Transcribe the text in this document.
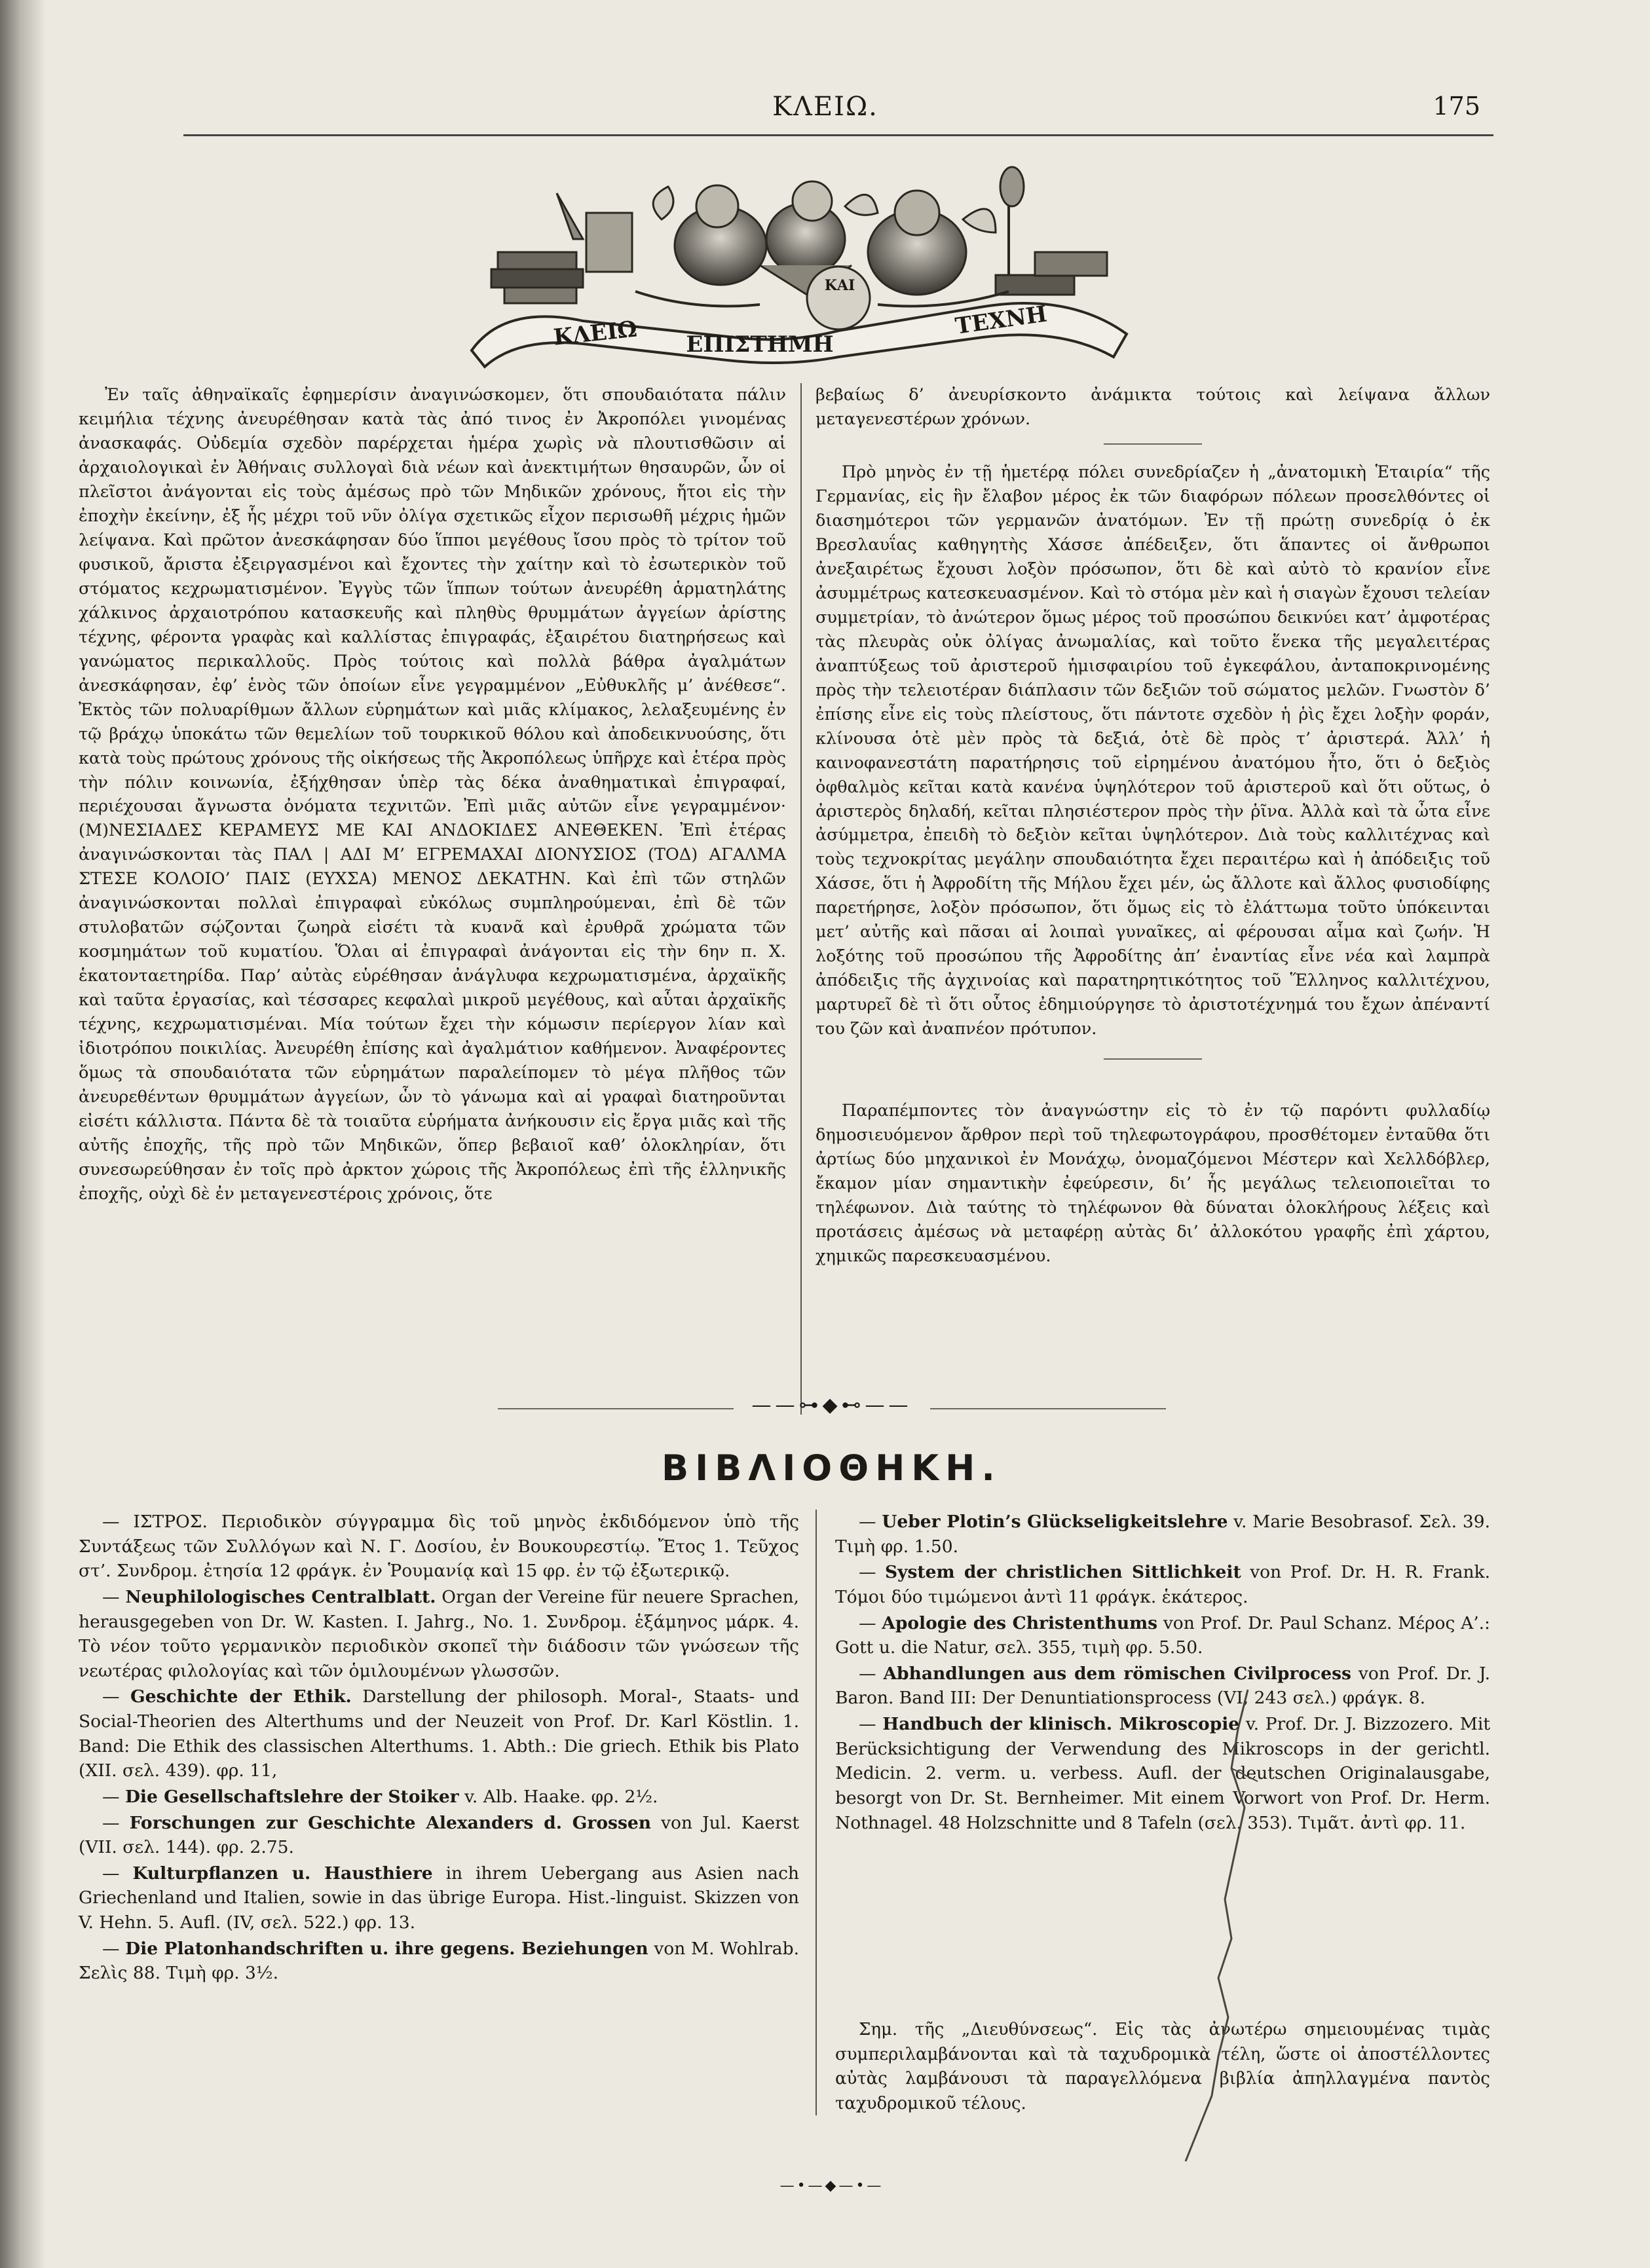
ΚΛΕΙΩ.	175
ΚΛΕΙΩ ΕΠΙΣΤΗΜΗ
ΚΑΙ
ΤΕΧΝΗ

Ἐν ταῖς ἀθηναϊκαῖς ἐφημερίσιν ἀναγινώσκομεν, ὅτι σπουδαιότατα πάλιν κειμήλια τέχνης ἀνευρέθησαν κατὰ τὰς ἀπό τινος ἐν Ἀκροπόλει γινομένας ἀνασκαφάς. Οὐδεμία σχεδὸν παρέρχεται ἡμέρα χωρὶς νὰ πλουτισθῶσιν αἱ ἀρχαιολογικαὶ ἐν Ἀθήναις συλλογαὶ διὰ νέων καὶ ἀνεκτιμήτων θησαυρῶν, ὧν οἱ πλεῖστοι ἀνάγονται εἰς τοὺς ἀμέσως πρὸ τῶν Μηδικῶν χρόνους, ἤτοι εἰς τὴν ἐποχὴν ἐκείνην, ἐξ ἧς μέχρι τοῦ νῦν ὀλίγα σχετικῶς εἶχον περισωθῆ μέχρις ἡμῶν λείψανα. Καὶ πρῶτον ἀνεσκάφησαν δύο ἵπποι μεγέθους ἴσου πρὸς τὸ τρίτον τοῦ φυσικοῦ, ἄριστα ἐξειργασμένοι καὶ ἔχοντες τὴν χαίτην καὶ τὸ ἐσωτερικὸν τοῦ στόματος κεχρωματισμένον. Ἐγγὺς τῶν ἵππων τούτων ἀνευρέθη ἁρματηλάτης χάλκινος ἀρχαιοτρόπου κατασκευῆς καὶ πληθὺς θρυμμάτων ἀγγείων ἀρίστης τέχνης, φέροντα γραφὰς καὶ καλλίστας ἐπιγραφάς, ἐξαιρέτου διατηρήσεως καὶ γανώματος περικαλλοῦς. Πρὸς τούτοις καὶ πολλὰ βάθρα ἀγαλμάτων ἀνεσκάφησαν, ἐφ’ ἑνὸς τῶν ὁποίων εἶνε γεγραμμένον „Εὐθυκλῆς μ’ ἀνέθεσε“. Ἐκτὸς τῶν πολυαρίθμων ἄλλων εὑρημάτων καὶ μιᾶς κλίμακος, λελαξευμένης ἐν τῷ βράχῳ ὑποκάτω τῶν θεμελίων τοῦ τουρκικοῦ θόλου καὶ ἀποδεικνυούσης, ὅτι κατὰ τοὺς πρώτους χρόνους τῆς οἰκήσεως τῆς Ἀκροπόλεως ὑπῆρχε καὶ ἑτέρα πρὸς τὴν πόλιν κοινωνία, ἐξήχθησαν ὑπὲρ τὰς δέκα ἀναθηματικαὶ ἐπιγραφαί, περιέχουσαι ἄγνωστα ὀνόματα τεχνιτῶν. Ἐπὶ μιᾶς αὐτῶν εἶνε γεγραμμένον· (Μ)ΝΕΣΙΑΔΕΣ ΚΕΡΑΜΕΥΣ ΜΕ ΚΑΙ ΑΝΔΟΚΙΔΕΣ ΑΝΕΘΕΚΕΝ. Ἐπὶ ἑτέρας ἀναγινώσκονται τὰς ΠΑΛ | ΑΔΙ Μ’ ΕΓΡΕΜΑΧΑΙ ΔΙΟΝΥΣΙΟΣ (ΤΟΔ) ΑΓΑΛΜΑ ΣΤΕΣΕ ΚΟΛΟΙΟ’ ΠΑΙΣ (ΕΥΧΣΑ) ΜΕΝΟΣ ΔΕΚΑΤΗΝ. Καὶ ἐπὶ τῶν στηλῶν ἀναγινώσκονται πολλαὶ ἐπιγραφαὶ εὐκόλως συμπληρούμεναι, ἐπὶ δὲ τῶν στυλοβατῶν σῴζονται ζωηρὰ εἰσέτι τὰ κυανᾶ καὶ ἐρυθρᾶ χρώματα τῶν κοσμημάτων τοῦ κυματίου. Ὅλαι αἱ ἐπιγραφαὶ ἀνάγονται εἰς τὴν 6ην π. Χ. ἑκατονταετηρίδα. Παρ’ αὐτὰς εὑρέθησαν ἀνάγλυφα κεχρωματισμένα, ἀρχαϊκῆς καὶ ταῦτα ἐργασίας, καὶ τέσσαρες κεφαλαὶ μικροῦ μεγέθους, καὶ αὗται ἀρχαϊκῆς τέχνης, κεχρωματισμέναι. Μία τούτων ἔχει τὴν κόμωσιν περίεργον λίαν καὶ ἰδιοτρόπου ποικιλίας. Ἀνευρέθη ἐπίσης καὶ ἀγαλμάτιον καθήμενον. Ἀναφέροντες ὅμως τὰ σπουδαιότατα τῶν εὑρημάτων παραλείπομεν τὸ μέγα πλῆθος τῶν ἀνευρεθέντων θρυμμάτων ἀγγείων, ὧν τὸ γάνωμα καὶ αἱ γραφαὶ διατηροῦνται εἰσέτι κάλλιστα. Πάντα δὲ τὰ τοιαῦτα εὑρήματα ἀνήκουσιν εἰς ἔργα μιᾶς καὶ τῆς αὐτῆς ἐποχῆς, τῆς πρὸ τῶν Μηδικῶν, ὅπερ βεβαιοῖ καθ’ ὁλοκληρίαν, ὅτι συνεσωρεύθησαν ἐν τοῖς πρὸ ἀρκτον χώροις τῆς Ἀκροπόλεως ἐπὶ τῆς ἑλληνικῆς ἐποχῆς, οὐχὶ δὲ ἐν μεταγενεστέροις χρόνοις, ὅτε

βεβαίως δ’ ἀνευρίσκοντο ἀνάμικτα τούτοις καὶ λείψανα ἄλλων μεταγενεστέρων χρόνων.

Πρὸ μηνὸς ἐν τῇ ἡμετέρᾳ πόλει συνεδρίαζεν ἡ „ἀνατομικὴ Ἑταιρία“ τῆς Γερμανίας, εἰς ἣν ἔλαβον μέρος ἐκ τῶν διαφόρων πόλεων προσελθόντες οἱ διασημότεροι τῶν γερμανῶν ἀνατόμων. Ἐν τῇ πρώτῃ συνεδρίᾳ ὁ ἐκ Βρεσλαυΐας καθηγητὴς Χάσσε ἀπέδειξεν, ὅτι ἅπαντες οἱ ἄνθρωποι ἀνεξαιρέτως ἔχουσι λοξὸν πρόσωπον, ὅτι δὲ καὶ αὐτὸ τὸ κρανίον εἶνε ἀσυμμέτρως κατεσκευασμένον. Καὶ τὸ στόμα μὲν καὶ ἡ σιαγὼν ἔχουσι τελείαν συμμετρίαν, τὸ ἀνώτερον ὅμως μέρος τοῦ προσώπου δεικνύει κατ’ ἀμφοτέρας τὰς πλευρὰς οὐκ ὀλίγας ἀνωμαλίας, καὶ τοῦτο ἕνεκα τῆς μεγαλειτέρας ἀναπτύξεως τοῦ ἀριστεροῦ ἡμισφαιρίου τοῦ ἐγκεφάλου, ἀνταποκρινομένης πρὸς τὴν τελειοτέραν διάπλασιν τῶν δεξιῶν τοῦ σώματος μελῶν. Γνωστὸν δ’ ἐπίσης εἶνε εἰς τοὺς πλείστους, ὅτι πάντοτε σχεδὸν ἡ ῥὶς ἔχει λοξὴν φοράν, κλίνουσα ὁτὲ μὲν πρὸς τὰ δεξιά, ὁτὲ δὲ πρὸς τ’ ἀριστερά. Ἀλλ’ ἡ καινοφανεστάτη παρατήρησις τοῦ εἰρημένου ἀνατόμου ἦτο, ὅτι ὁ δεξιὸς ὀφθαλμὸς κεῖται κατὰ κανένα ὑψηλότερον τοῦ ἀριστεροῦ καὶ ὅτι οὕτως, ὁ ἀριστερὸς δηλαδή, κεῖται πλησιέστερον πρὸς τὴν ῥῖνα. Ἀλλὰ καὶ τὰ ὦτα εἶνε ἀσύμμετρα, ἐπειδὴ τὸ δεξιὸν κεῖται ὑψηλότερον. Διὰ τοὺς καλλιτέχνας καὶ τοὺς τεχνοκρίτας μεγάλην σπουδαιότητα ἔχει περαιτέρω καὶ ἡ ἀπόδειξις τοῦ Χάσσε, ὅτι ἡ Ἀφροδίτη τῆς Μήλου ἔχει μέν, ὡς ἄλλοτε καὶ ἄλλος φυσιοδίφης παρετήρησε, λοξὸν πρόσωπον, ὅτι ὅμως εἰς τὸ ἐλάττωμα τοῦτο ὑπόκεινται μετ’ αὐτῆς καὶ πᾶσαι αἱ λοιπαὶ γυναῖκες, αἱ φέρουσαι αἷμα καὶ ζωήν. Ἡ λοξότης τοῦ προσώπου τῆς Ἀφροδίτης ἀπ’ ἐναντίας εἶνε νέα καὶ λαμπρὰ ἀπόδειξις τῆς ἀγχινοίας καὶ παρατηρητικότητος τοῦ Ἕλληνος καλλιτέχνου, μαρτυρεῖ δὲ τὶ ὅτι οὗτος ἐδημιούργησε τὸ ἀριστοτέχνημά του ἔχων ἀπέναντί του ζῶν καὶ ἀναπνέον πρότυπον.

Παραπέμποντες τὸν ἀναγνώστην εἰς τὸ ἐν τῷ παρόντι φυλλαδίῳ δημοσιευόμενον ἄρθρον περὶ τοῦ τηλεφωτογράφου, προσθέτομεν ἐνταῦθα ὅτι ἀρτίως δύο μηχανικοὶ ἐν Μονάχῳ, ὀνομαζόμενοι Μέστερν καὶ Χελλδόβλερ, ἔκαμον μίαν σημαντικὴν ἐφεύρεσιν, δι’ ἧς μεγάλως τελειοποιεῖται το τηλέφωνον. Διὰ ταύτης τὸ τηλέφωνον θὰ δύναται ὁλοκλήρους λέξεις καὶ προτάσεις ἀμέσως νὰ μεταφέρῃ αὐτὰς δι’ ἀλλοκότου γραφῆς ἐπὶ χάρτου, χημικῶς παρεσκευασμένου.

——⊶◆⊷——
ΒΙΒΛΙΟΘΗΚΗ.

— ΙΣΤΡΟΣ. Περιοδικὸν σύγγραμμα δὶς τοῦ μηνὸς ἐκδιδόμενον ὑπὸ τῆς Συντάξεως τῶν Συλλόγων καὶ Ν. Γ. Δοσίου, ἐν Βουκουρεστίῳ. Ἔτος 1. Τεῦχος στ’. Συνδρομ. ἐτησία 12 φράγκ. ἐν Ῥουμανίᾳ καὶ 15 φρ. ἐν τῷ ἐξωτερικῷ.

— Neuphilologisches Centralblatt. Organ der Vereine für neuere Sprachen, herausgegeben von Dr. W. Kasten. I. Jahrg., No. 1. Συνδρομ. ἑξάμηνος μάρκ. 4. Τὸ νέον τοῦτο γερμανικὸν περιοδικὸν σκοπεῖ τὴν διάδοσιν τῶν γνώσεων τῆς νεωτέρας φιλολογίας καὶ τῶν ὁμιλουμένων γλωσσῶν.

— Geschichte der Ethik. Darstellung der philosoph. Moral-, Staats- und Social-Theorien des Alterthums und der Neuzeit von Prof. Dr. Karl Köstlin. 1. Band: Die Ethik des classischen Alterthums. 1. Abth.: Die griech. Ethik bis Plato (XII. σελ. 439). φρ. 11,

— Die Gesellschaftslehre der Stoiker v. Alb. Haake. φρ. 2½.

— Forschungen zur Geschichte Alexanders d. Grossen von Jul. Kaerst (VII. σελ. 144). φρ. 2.75.

— Kulturpflanzen u. Hausthiere in ihrem Uebergang aus Asien nach Griechenland und Italien, sowie in das übrige Europa. Hist.-linguist. Skizzen von V. Hehn. 5. Aufl. (IV, σελ. 522.) φρ. 13.

— Die Platonhandschriften u. ihre gegens. Beziehungen von M. Wohlrab. Σελὶς 88. Τιμὴ φρ. 3½.

— Ueber Plotin’s Glückseligkeitslehre v. Marie Besobrasof. Σελ. 39. Τιμὴ φρ. 1.50.

— System der christlichen Sittlichkeit von Prof. Dr. H. R. Frank. Τόμοι δύο τιμώμενοι ἀντὶ 11 φράγκ. ἑκάτερος.

— Apologie des Christenthums von Prof. Dr. Paul Schanz. Μέρος Α’.: Gott u. die Natur, σελ. 355, τιμὴ φρ. 5.50.

— Abhandlungen aus dem römischen Civilprocess von Prof. Dr. J. Baron. Band III: Der Denuntiationsprocess (VI, 243 σελ.) φράγκ. 8.

— Handbuch der klinisch. Mikroscopie v. Prof. Dr. J. Bizzozero. Mit Berücksichtigung der Verwendung des Mikroscops in der gerichtl. Medicin. 2. verm. u. verbess. Aufl. der deutschen Originalausgabe, besorgt von Dr. St. Bernheimer. Mit einem Vorwort von Prof. Dr. Herm. Nothnagel. 48 Holzschnitte und 8 Tafeln (σελ. 353). Τιμᾶτ. ἀντὶ φρ. 11.

Σημ. τῆς „Διευθύνσεως“. Εἰς τὰς ἀνωτέρω σημειουμένας τιμὰς συμπεριλαμβάνονται καὶ τὰ ταχυδρομικὰ τέλη, ὥστε οἱ ἀποστέλλοντες αὐτὰς λαμβάνουσι τὰ παραγελλόμενα βιβλία ἀπηλλαγμένα παντὸς ταχυδρομικοῦ τέλους.

—•—◆—•—
